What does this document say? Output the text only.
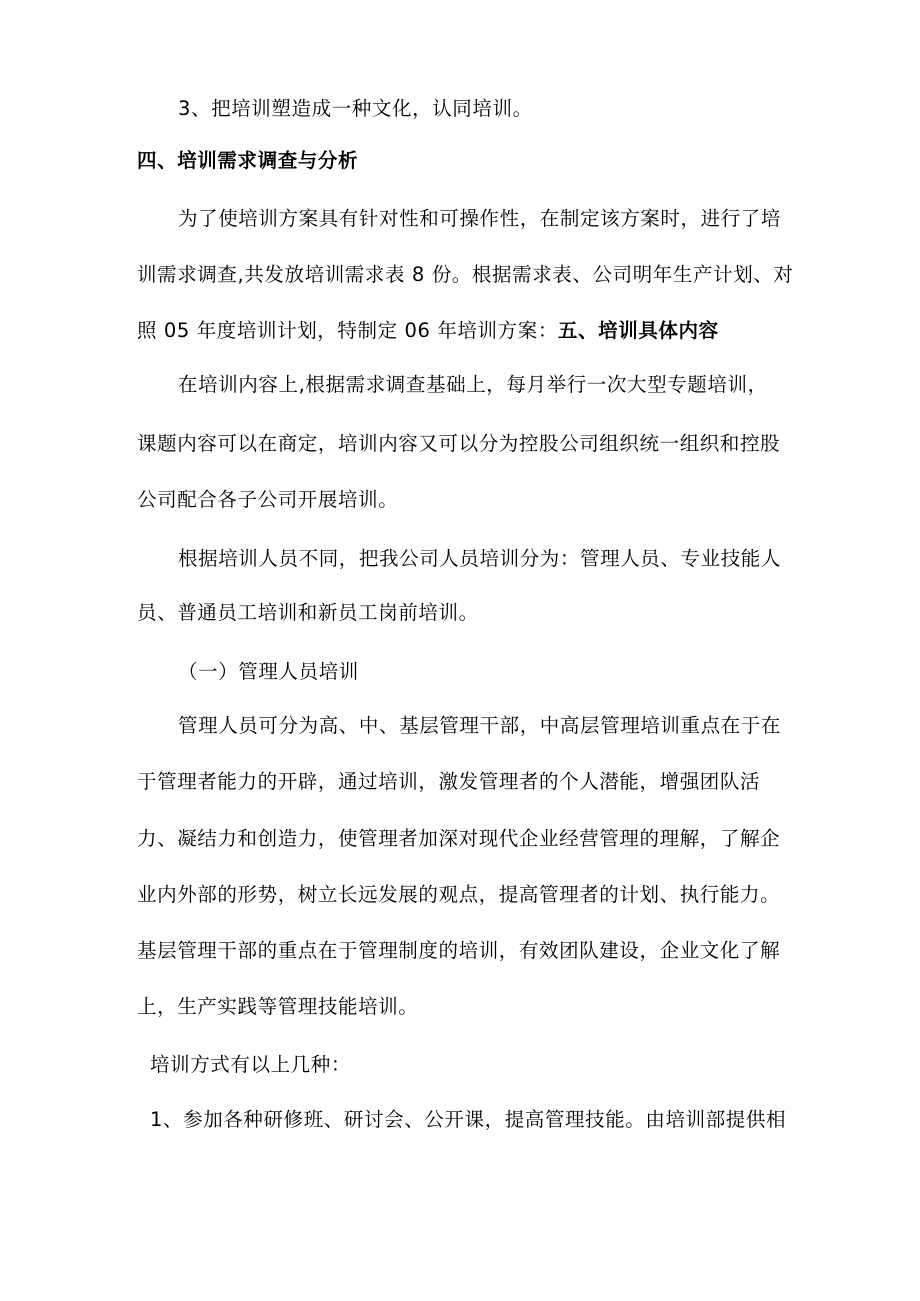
3、把培训塑造成一种文化，认同培训。
四、培训需求调查与分析
为了使培训方案具有针对性和可操作性，在制定该方案时，进行了培
训需求调查,共发放培训需求表 8 份。根据需求表、公司明年生产计划、对
照 05 年度培训计划，特制定 06 年培训方案：五、培训具体内容
在培训内容上,根据需求调查基础上，每月举行一次大型专题培训，
课题内容可以在商定，培训内容又可以分为控股公司组织统一组织和控股
公司配合各子公司开展培训。
根据培训人员不同，把我公司人员培训分为：管理人员、专业技能人
员、普通员工培训和新员工岗前培训。
（一）管理人员培训
管理人员可分为高、中、基层管理干部，中高层管理培训重点在于在
于管理者能力的开辟，通过培训，激发管理者的个人潜能，增强团队活
力、凝结力和创造力，使管理者加深对现代企业经营管理的理解，了解企
业内外部的形势，树立长远发展的观点，提高管理者的计划、执行能力。
基层管理干部的重点在于管理制度的培训，有效团队建设，企业文化了解
上，生产实践等管理技能培训。
培训方式有以上几种：
1、参加各种研修班、研讨会、公开课，提高管理技能。由培训部提供相
